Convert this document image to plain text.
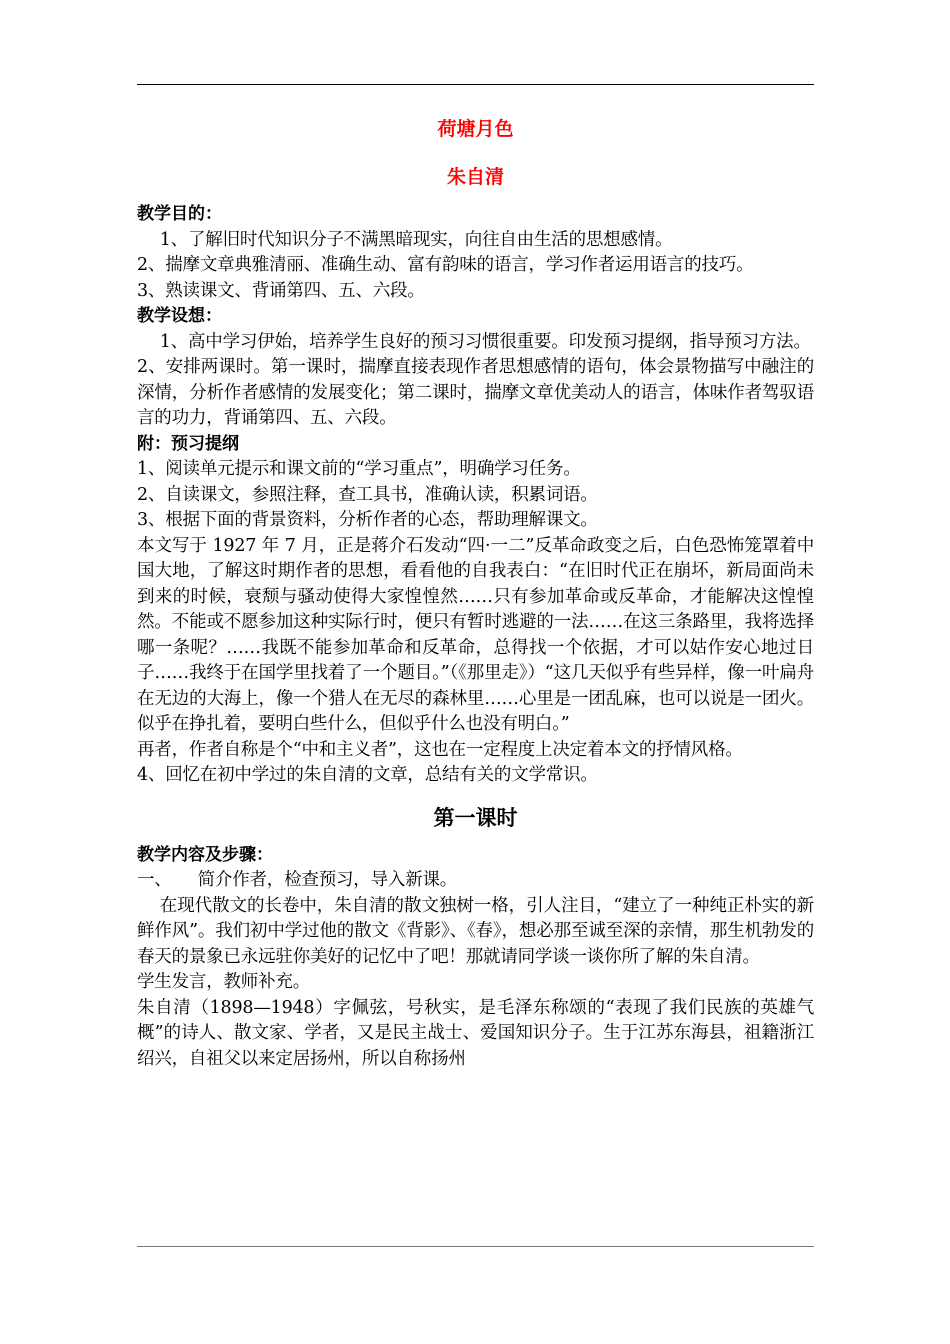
荷塘月色
朱自清
教学目的：
1、了解旧时代知识分子不满黑暗现实，向往自由生活的思想感情。
2、揣摩文章典雅清丽、准确生动、富有韵味的语言，学习作者运用语言的技巧。
3、熟读课文、背诵第四、五、六段。
教学设想：
1、高中学习伊始，培养学生良好的预习习惯很重要。印发预习提纲，指导预习方法。
2、安排两课时。第一课时，揣摩直接表现作者思想感情的语句，体会景物描写中融注的深情，分析作者感情的发展变化；第二课时，揣摩文章优美动人的语言，体味作者驾驭语言的功力，背诵第四、五、六段。
附：预习提纲
1、阅读单元提示和课文前的“学习重点”，明确学习任务。
2、自读课文，参照注释，查工具书，准确认读，积累词语。
3、根据下面的背景资料，分析作者的心态，帮助理解课文。
本文写于 1927 年 7 月，正是蒋介石发动“四·一二”反革命政变之后，白色恐怖笼罩着中国大地，了解这时期作者的思想，看看他的自我表白：“在旧时代正在崩坏，新局面尚未到来的时候，衰颓与骚动使得大家惶惶然……只有参加革命或反革命，才能解决这惶惶然。不能或不愿参加这种实际行时，便只有暂时逃避的一法……在这三条路里，我将选择哪一条呢？……我既不能参加革命和反革命，总得找一个依据，才可以姑作安心地过日子……我终于在国学里找着了一个题目。”（《那里走》）“这几天似乎有些异样，像一叶扁舟在无边的大海上，像一个猎人在无尽的森林里……心里是一团乱麻，也可以说是一团火。似乎在挣扎着，要明白些什么，但似乎什么也没有明白。”
再者，作者自称是个“中和主义者”，这也在一定程度上决定着本文的抒情风格。
4、回忆在初中学过的朱自清的文章，总结有关的文学常识。
第一课时
教学内容及步骤：
一、 简介作者，检查预习，导入新课。
在现代散文的长卷中，朱自清的散文独树一格，引人注目，“建立了一种纯正朴实的新鲜作风”。我们初中学过他的散文《背影》、《春》，想必那至诚至深的亲情，那生机勃发的春天的景象已永远驻你美好的记忆中了吧！那就请同学谈一谈你所了解的朱自清。
学生发言，教师补充。
朱自清（1898—1948）字佩弦，号秋实，是毛泽东称颂的“表现了我们民族的英雄气概”的诗人、散文家、学者，又是民主战士、爱国知识分子。生于江苏东海县，祖籍浙江绍兴，自祖父以来定居扬州，所以自称扬州
